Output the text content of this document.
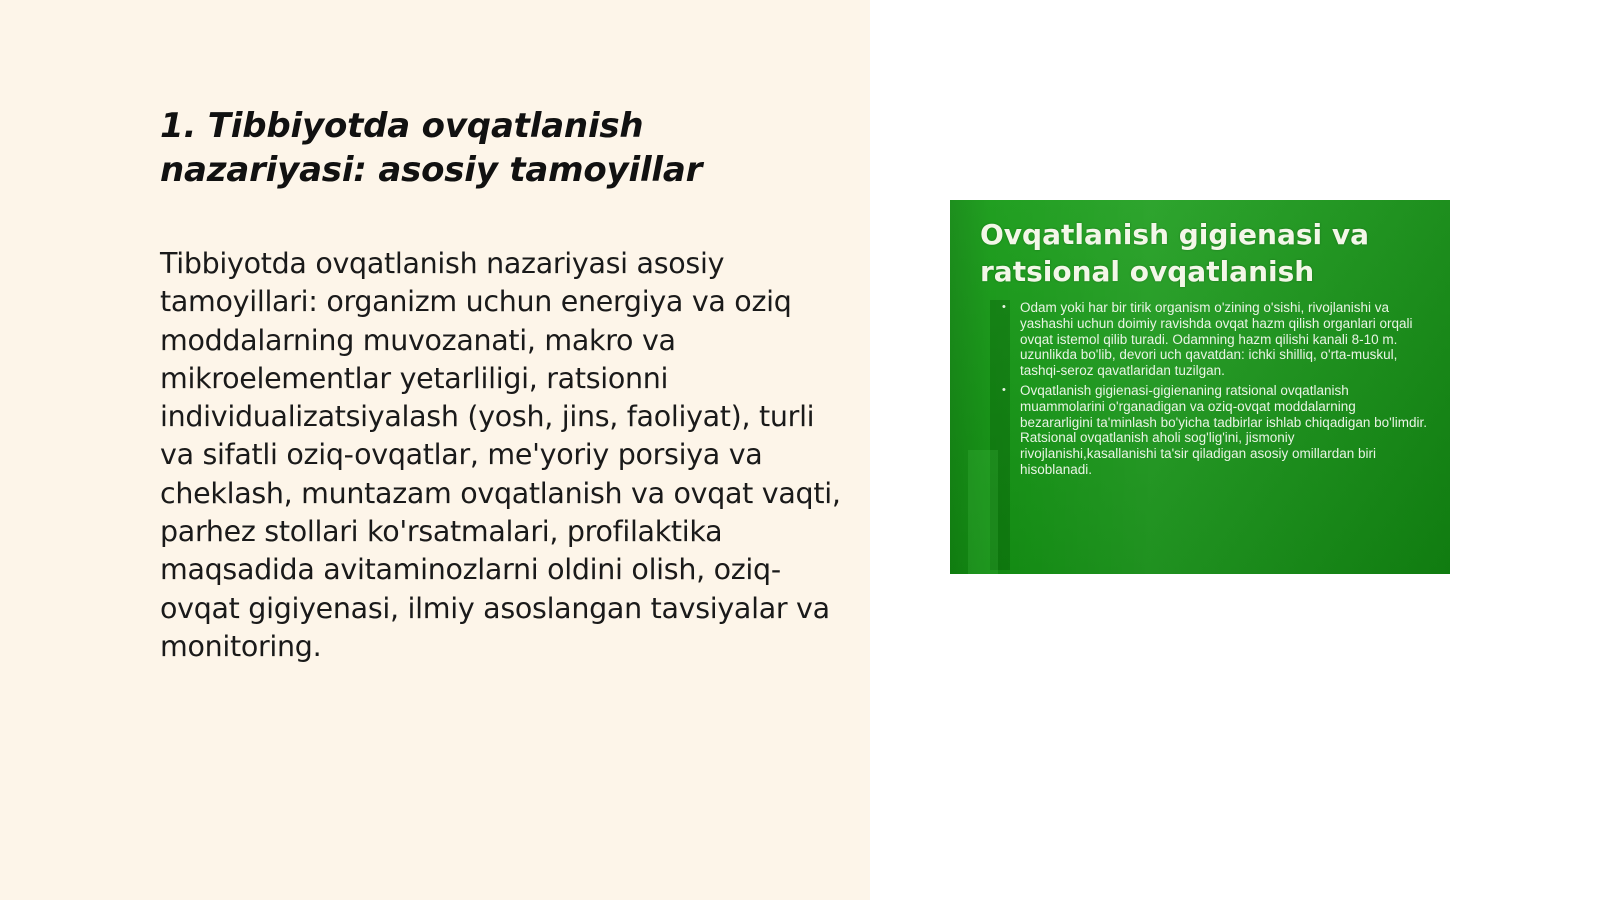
1. Tibbiyotda ovqatlanish nazariyasi: asosiy tamoyillar

Tibbiyotda ovqatlanish nazariyasi asosiy tamoyillari: organizm uchun energiya va oziq moddalarning muvozanati, makro va mikroelementlar yetarliligi, ratsionni individualizatsiyalash (yosh, jins, faoliyat), turli va sifatli oziq-ovqatlar, me'yoriy porsiya va cheklash, muntazam ovqatlanish va ovqat vaqti, parhez stollari ko'rsatmalari, profilaktika maqsadida avitaminozlarni oldini olish, oziq-ovqat gigiyenasi, ilmiy asoslangan tavsiyalar va monitoring.

Ovqatlanish gigienasi va ratsional ovqatlanish
• Odam yoki har bir tirik organism o'zining o'sishi, rivojlanishi va yashashi uchun doimiy ravishda ovqat hazm qilish organlari orqali ovqat istemol qilib turadi. Odamning hazm qilishi kanali 8-10 m. uzunlikda bo'lib, devori uch qavatdan: ichki shilliq, o'rta-muskul, tashqi-seroz qavatlaridan tuzilgan.
• Ovqatlanish gigienasi-gigienaning ratsional ovqatlanish muammolarini o'rganadigan va oziq-ovqat moddalarning bezararligini ta'minlash bo'yicha tadbirlar ishlab chiqadigan bo'limdir. Ratsional ovqatlanish aholi sog'lig'ini, jismoniy rivojlanishi,kasallanishi ta'sir qiladigan asosiy omillardan biri hisoblanadi.
